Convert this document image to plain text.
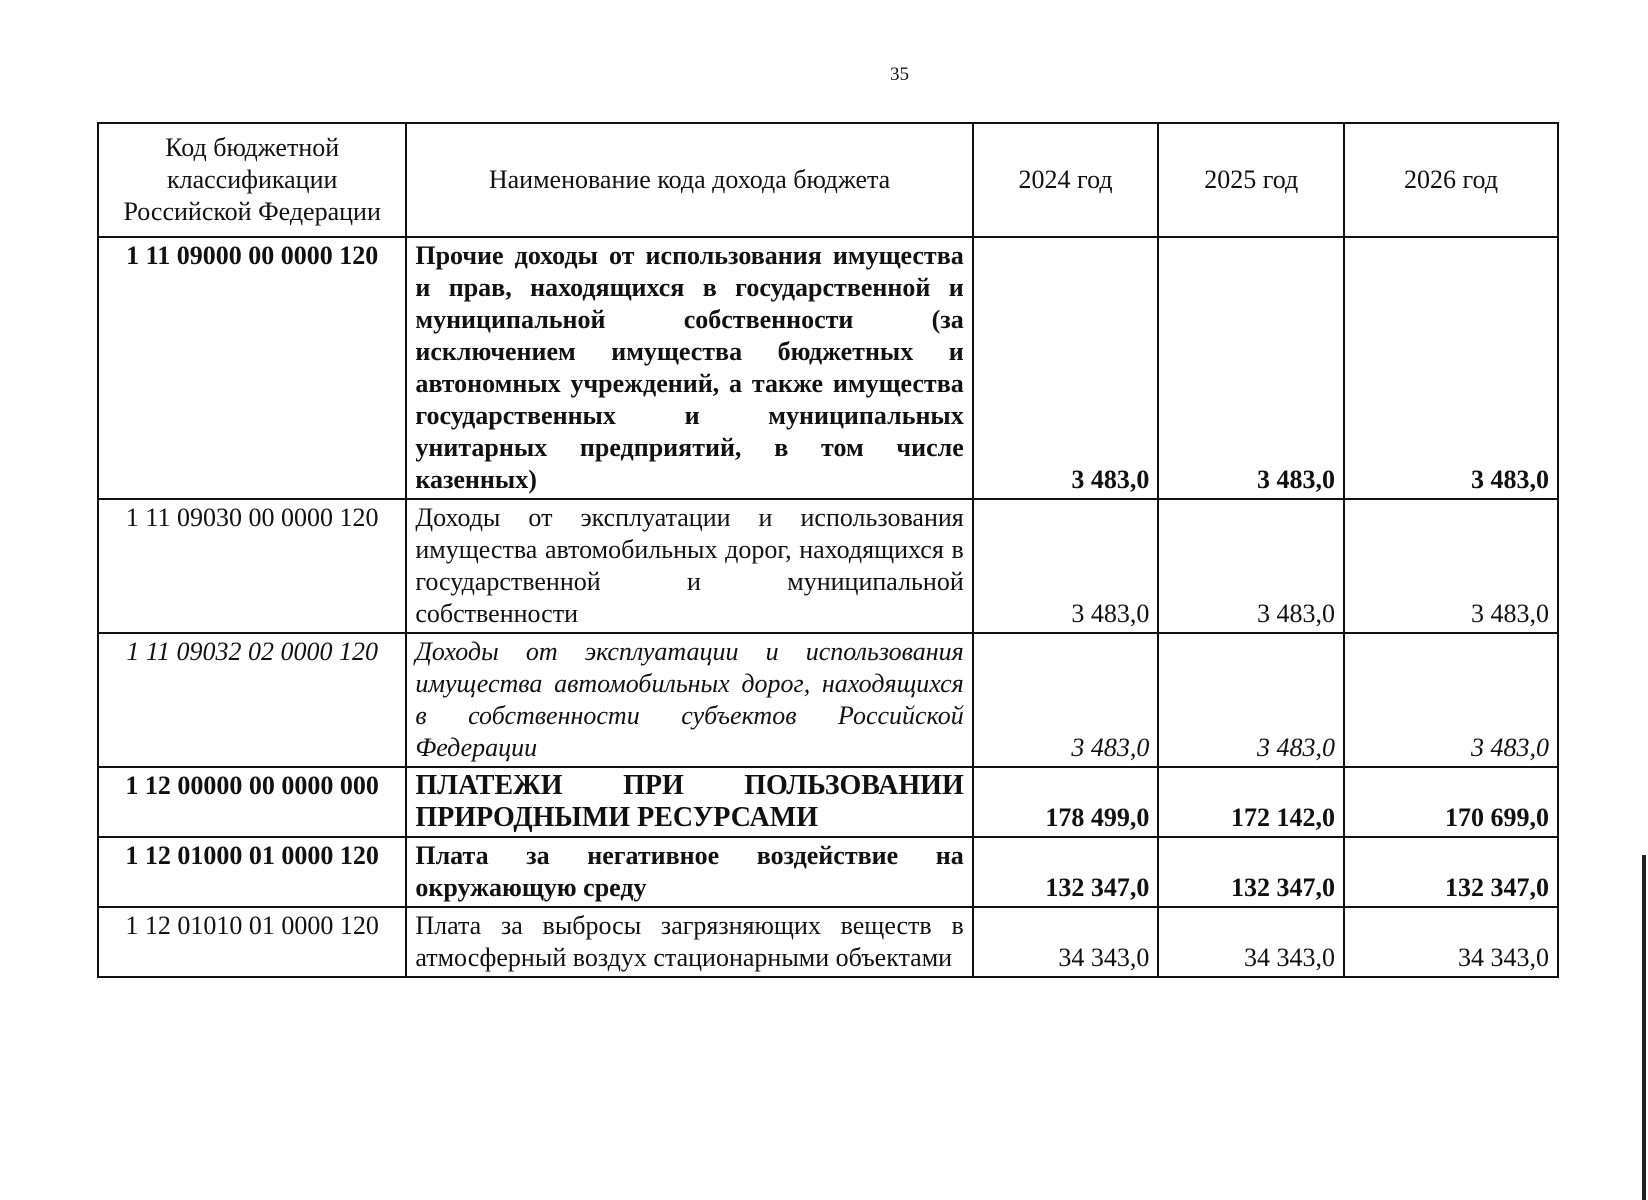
35
Код бюджетной классификации Российской Федерации	Наименование кода дохода бюджета	2024 год	2025 год	2026 год
1 11 09000 00 0000 120	Прочие доходы от использования имущества и прав, находящихся в государственной и муниципальной собственности (за исключением имущества бюджетных и автономных учреждений, а также имущества государственных и муниципальных унитарных предприятий, в том числе казенных)	3 483,0	3 483,0	3 483,0
1 11 09030 00 0000 120	Доходы от эксплуатации и использования имущества автомобильных дорог, находящихся в государственной и муниципальной собственности	3 483,0	3 483,0	3 483,0
1 11 09032 02 0000 120	Доходы от эксплуатации и использования имущества автомобильных дорог, находящихся в собственности субъектов Российской Федерации	3 483,0	3 483,0	3 483,0
1 12 00000 00 0000 000	ПЛАТЕЖИ ПРИ ПОЛЬЗОВАНИИ ПРИРОДНЫМИ РЕСУРСАМИ	178 499,0	172 142,0	170 699,0
1 12 01000 01 0000 120	Плата за негативное воздействие на окружающую среду	132 347,0	132 347,0	132 347,0
1 12 01010 01 0000 120	Плата за выбросы загрязняющих веществ в атмосферный воздух стационарными объектами	34 343,0	34 343,0	34 343,0
